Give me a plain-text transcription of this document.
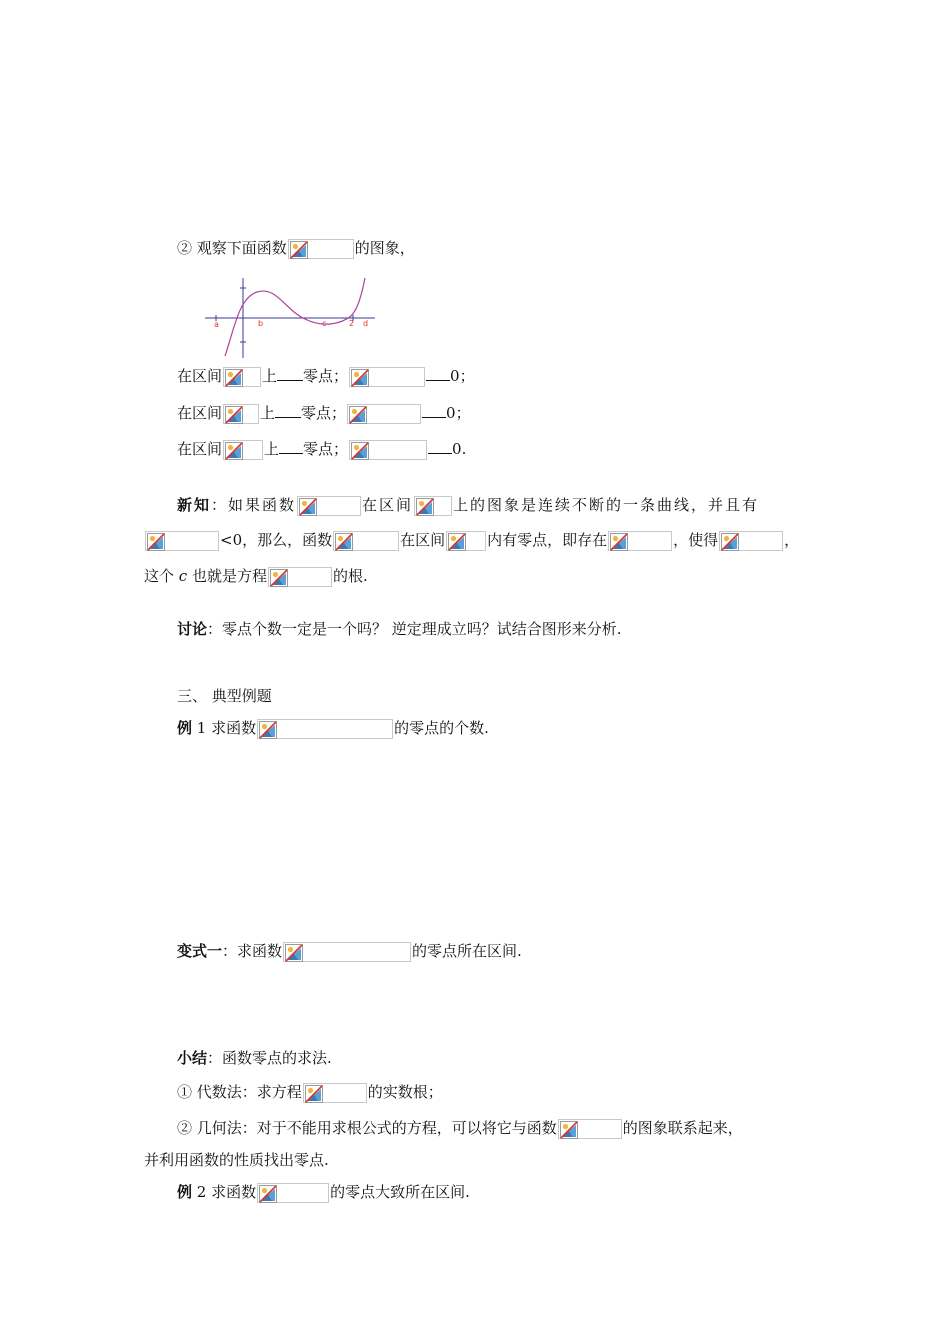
② 观察下面函数	的图象，
a	b	c	2 d
在区间	上 零点；	0；
在区间	上 零点；	0；
在区间	上 零点；	0.
新知：如果函数	在区间	上的图象是连续不断的一条曲线，并且有
<0，那么，函数	在区间	内有零点，即存在	，使得	，
这个 c 也就是方程	的根.
讨论：零点个数一定是一个吗？ 逆定理成立吗？试结合图形来分析.
三、 典型例题
例 1 求函数	的零点的个数.
变式一：求函数	的零点所在区间.
小结：函数零点的求法.
① 代数法：求方程	的实数根；
② 几何法：对于不能用求根公式的方程，可以将它与函数	的图象联系起来，
并利用函数的性质找出零点.
例 2 求函数	的零点大致所在区间.
